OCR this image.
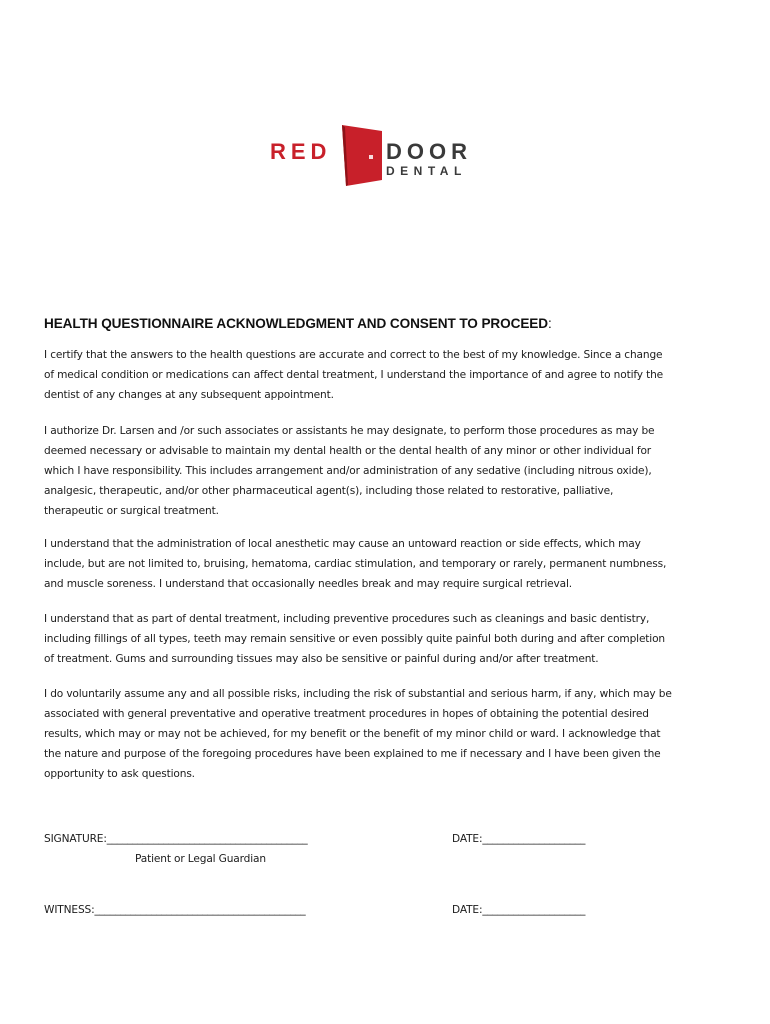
RED DOOR
DENTAL
HEALTH QUESTIONNAIRE ACKNOWLEDGMENT AND CONSENT TO PROCEED:
I certify that the answers to the health questions are accurate and correct to the best of my knowledge. Since a change
of medical condition or medications can affect dental treatment, I understand the importance of and agree to notify the
dentist of any changes at any subsequent appointment.
I authorize Dr. Larsen and /or such associates or assistants he may designate, to perform those procedures as may be
deemed necessary or advisable to maintain my dental health or the dental health of any minor or other individual for
which I have responsibility. This includes arrangement and/or administration of any sedative (including nitrous oxide),
analgesic, therapeutic, and/or other pharmaceutical agent(s), including those related to restorative, palliative,
therapeutic or surgical treatment.
I understand that the administration of local anesthetic may cause an untoward reaction or side effects, which may
include, but are not limited to, bruising, hematoma, cardiac stimulation, and temporary or rarely, permanent numbness,
and muscle soreness. I understand that occasionally needles break and may require surgical retrieval.
I understand that as part of dental treatment, including preventive procedures such as cleanings and basic dentistry,
including fillings of all types, teeth may remain sensitive or even possibly quite painful both during and after completion
of treatment. Gums and surrounding tissues may also be sensitive or painful during and/or after treatment.
I do voluntarily assume any and all possible risks, including the risk of substantial and serious harm, if any, which may be
associated with general preventative and operative treatment procedures in hopes of obtaining the potential desired
results, which may or may not be achieved, for my benefit or the benefit of my minor child or ward. I acknowledge that
the nature and purpose of the foregoing procedures have been explained to me if necessary and I have been given the
opportunity to ask questions.
SIGNATURE:_______________________________________	DATE:____________________
Patient or Legal Guardian
WITNESS:_________________________________________	DATE:____________________
